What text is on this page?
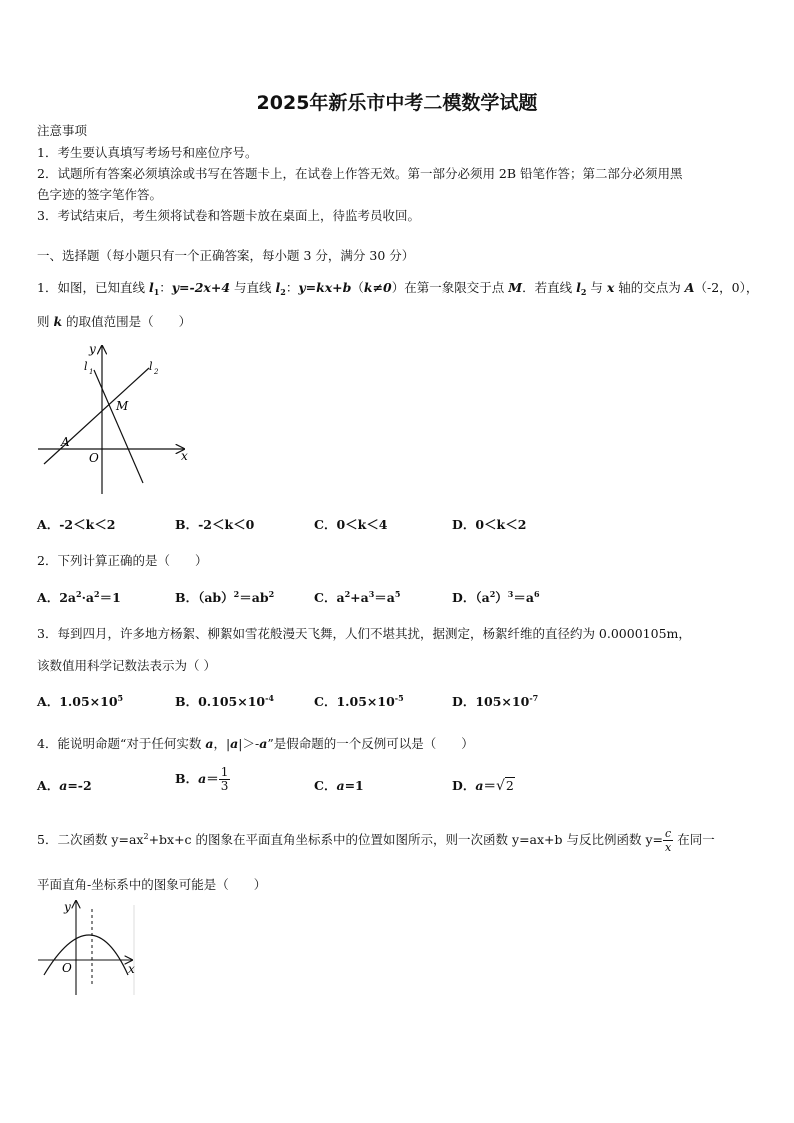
2025年新乐市中考二模数学试题
注意事项
1．考生要认真填写考场号和座位序号。
2．试题所有答案必须填涂或书写在答题卡上，在试卷上作答无效。第一部分必须用 2B 铅笔作答；第二部分必须用黑
色字迹的签字笔作答。
3．考试结束后，考生须将试卷和答题卡放在桌面上，待监考员收回。
一、选择题（每小题只有一个正确答案，每小题 3 分，满分 30 分）
1．如图，已知直线 $l_1$：y=-2x+4 与直线 $l_2$：y=kx+b（k≠0）在第一象限交于点 M．若直线 $l_2$ 与 x 轴的交点为 A（-2，0），
则 k 的取值范围是（　　）
y
x
O
A
M
l 1	l 2
A．-2＜k＜2	B．-2＜k＜0	C．0＜k＜4	D．0＜k＜2
2．下列计算正确的是（　　）
A．$2a^2\cdot a^2=1$	B．$(ab)^2=ab^2$	C．$a^2+a^3=a^5$	D．$(a^2)^3=a^6$
3．每到四月，许多地方杨絮、柳絮如雪花般漫天飞舞，人们不堪其扰，据测定，杨絮纤维的直径约为 0.0000105m，
该数值用科学记数法表示为（ ）
A．$1.05\times 10^5$	B．$0.105\times 10^{-4}$	C．$1.05\times 10^{-5}$	D．$105\times 10^{-7}$
4．能说明命题“对于任何实数 a，|a|＞-a”是假命题的一个反例可以是（　　）
A．a=-2	B．$a= \frac{1}{3}$	C．a=1	D．a＝√2
5．二次函数 $y=ax^2+bx+c$ 的图象在平面直角坐标系中的位置如图所示，则一次函数 y=ax+b 与反比例函数 $y= \frac{c}{x}$ 在同一
平面直角-坐标系中的图象可能是（　　）
y
x
O
